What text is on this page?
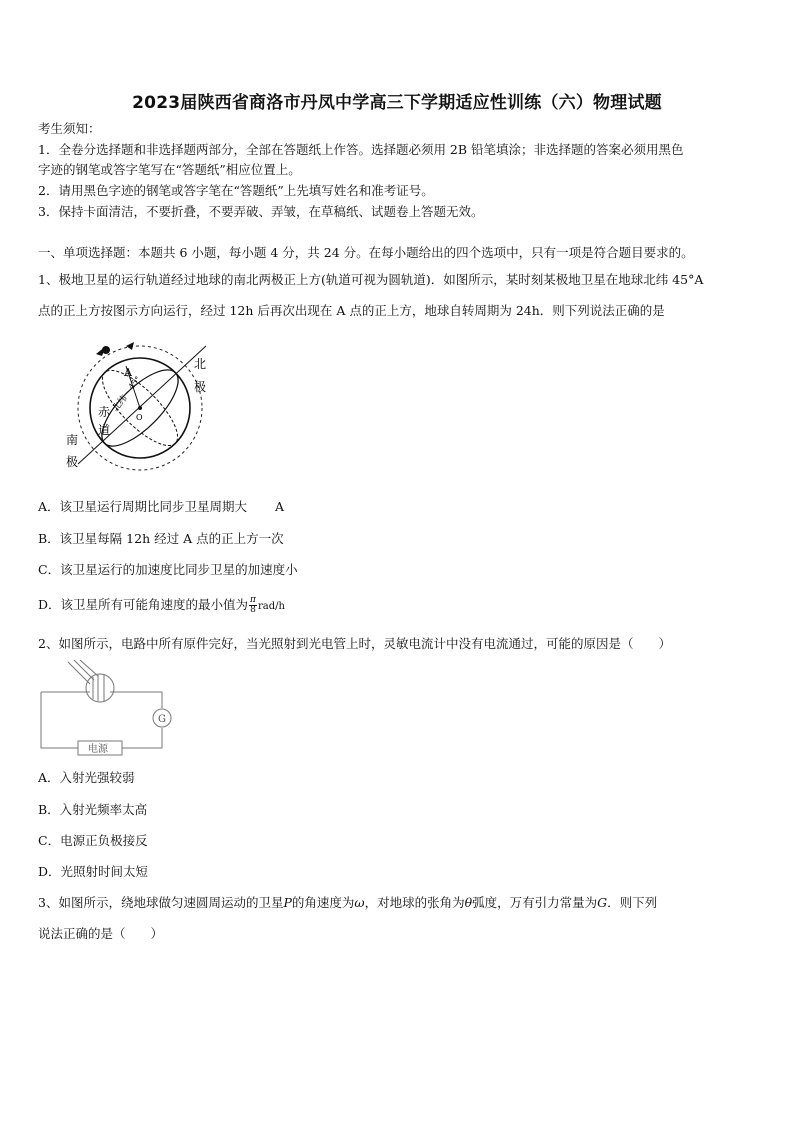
2023届陕西省商洛市丹凤中学高三下学期适应性训练（六）物理试题
考生须知：
1．全卷分选择题和非选择题两部分，全部在答题纸上作答。选择题必须用 2B 铅笔填涂；非选择题的答案必须用黑色
字迹的钢笔或答字笔写在“答题纸”相应位置上。
2．请用黑色字迹的钢笔或答字笔在“答题纸”上先填写姓名和准考证号。
3．保持卡面清洁，不要折叠，不要弄破、弄皱，在草稿纸、试题卷上答题无效。
一、单项选择题：本题共 6 小题，每小题 4 分，共 24 分。在每小题给出的四个选项中，只有一项是符合题目要求的。
1、极地卫星的运行轨道经过地球的南北两极正上方(轨道可视为圆轨道)．如图所示，某时刻某极地卫星在地球北纬 45°A
点的正上方按图示方向运行，经过 12h 后再次出现在 A 点的正上方，地球自转周期为 24h．则下列说法正确的是
A
45°
O
北纬
北
极
赤
道
南
极
A．该卫星运行周期比同步卫星周期大 A
B．该卫星每隔 12h 经过 A 点的正上方一次
C．该卫星运行的加速度比同步卫星的加速度小
D．该卫星所有可能角速度的最小值为 $\frac{\pi}{8} rad/h$
2、如图所示，电路中所有原件完好，当光照射到光电管上时，灵敏电流计中没有电流通过，可能的原因是（　　）
G
电源
A．入射光强较弱
B．入射光频率太高
C．电源正负极接反
D．光照射时间太短
3、如图所示，绕地球做匀速圆周运动的卫星P的角速度为ω，对地球的张角为θ弧度，万有引力常量为G．则下列
说法正确的是（　　）
